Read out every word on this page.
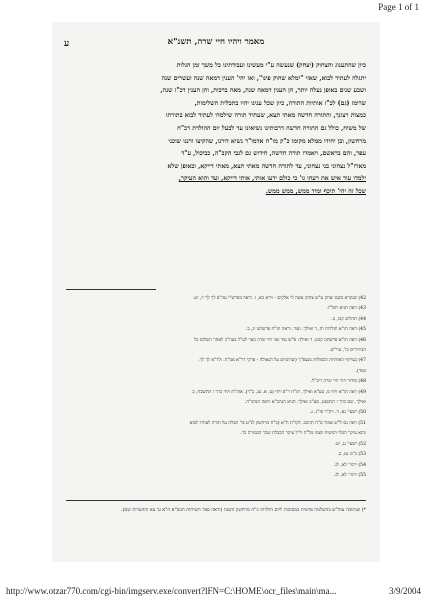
Page 1 of 1
ע	מאמר ויהיו חיי שרה, תשנ"א

כיון שהתענוג והצחוק (יצחק) שנעשה ע"י מעשינו ועבודתינו כל משך זמן הגלות

יתגלה לעתיד לבוא, שאזי "ימלא שחוק פינו", ואז יהי' הענין דמאה שנה ועשרים שנה

ושבע שנים באופן נעלה יותר, הן הענין דמאה שנה, מאה ברכות, והן הענין דכ"ז שנה,

שרומז (גם) לכ"ז אותיות התורה, כיון שכל ענינו יהיו בתכלית השלימות,

כמצות רצונך, והתורה חדשה מאתי תצא, שעתיד תורה שילמדו לעתיד לבוא בתורתו

של משיח, כולל גם התורה חדשה דרבותינו נשיאינו עד לבעל יום ההולדת דכ"ח

מרחשון, ובן יחידו ממלא מקומו כ"ק מו"ח אדמו"ר נשיא דורנו, שהקיצו ורננו שוכני

עפר, והם בראשם, ויאמרו תורה חדשה, חידוש גם לגבי הקב"ה, כביכול, ע"ד

מארז"ל נצחוני בני נצחוני, עד לתורה חדשה מאתי תצא, מאתי דייקא, ובאופן שלא

ילמדו עוד איש את רעהו גו' כי כולם ידעו אותי, אותי דייקא, ועד והוא העיקר,

שכל זה יהי' תיכף ומיד ממש, ממש ממש.

42) שנקרא בשם יצחק ע"ש צחוק עשה לי אלקים - וירא כא, ו. וראה בפרש"י עה"פ לך לך יז, יט.
43) ראה תניא רפל"ו.
44) תהלים קכו, ב.
45) ראה תו"א תולדות יח, ד ואילך. ועוד. וראה תו"ח פרשתנו יג, ב.
46) ראה תו"א פרשתנו קכט, ד ואילך: פ"ש עוד שני חיי שרה כאר לע"ל בעה"כ לאחר השלום כל
הבירורים כו', עיי"ש.
47) בצירוף האותיות הכפולות מנצפ"ך (שרומזים על הגאולה - פרקי דר"א פמ"ח. ולד"א לך לך.
ועוד).
48) סידור ויהי חיי שרה ריב"ל.
49) ראה תו"א ויחי מ, סע"א ואילך. תו"ח ר"פ ויחי (צ, א. צג, ב"ד). אוה"ת ויחי כרך ו תתשכח, ב
ואילך. שם כרך ז תתשנט, סע"ב ואילך. תניא הנהכ"א וראה הנהכ"ה.
50) ישעי' נא, ד. ויק"ר פי"ג, ג.
51) ראה גם ל"ש אמור ס"ח תרמב. לקו"ת ח"א (כ"ח מרחשון לג"ע פי' תבלת על תורה לעתיד לבוא
והוא עיקר הגלוי דמשיח ושמו מל"ה וי"ל עיקר הכבלת שכר הבמורה כו'.
52) ישעי' נג, יט.
53) ב"מ נט, ב.
54) ירמי' לא, לג.
55) ירמי' לא, לג.
*) שנתוכה עוה"ש בהשלמה פרטית במסיבות ליום הולדתו כ"ח מרחשון השנה (וראה ספר השיחות תנש"א ח"א ע' צא וההערות שם).
http://www.otzar770.com/cgi-bin/imgserv.exe/convert?lFN=C:\HOME\ocr_files\main\ma...	3/9/2004
